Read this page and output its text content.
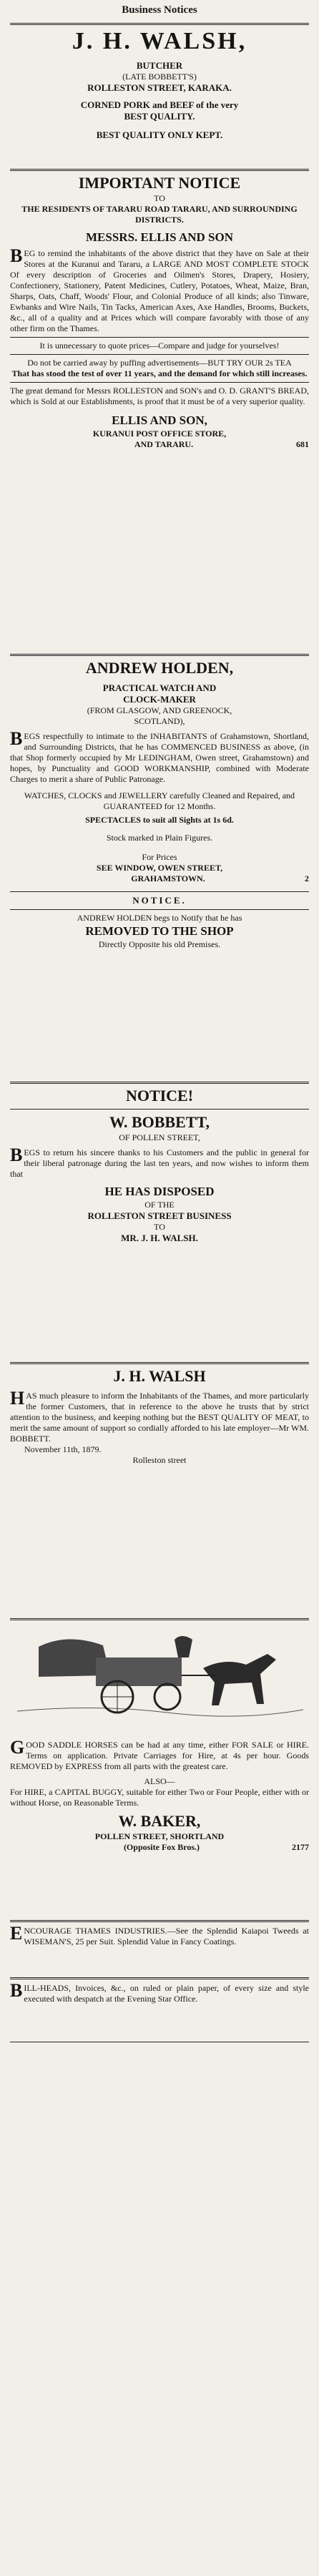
Business Notices
J. H. WALSH,
BUTCHER
(LATE BOBBETT'S)
ROLLESTON STREET, KARAKA.
CORNED PORK and BEEF of the very
BEST QUALITY.
BEST QUALITY ONLY KEPT.
IMPORTANT NOTICE
TO
THE RESIDENTS OF TARARU ROAD TARARU, AND SURROUNDING DISTRICTS.
MESSRS. ELLIS AND SON
BEG to remind the inhabitants of the above district that they have on Sale at their Stores at the Kuranui and Tararu, a LARGE AND MOST COMPLETE STOCK Of every description of Groceries and Oilmen's Stores, Drapery, Hosiery, Confectionery, Stationery, Patent Medicines, Cutlery, Potatoes, Wheat, Maize, Bran, Sharps, Oats, Chaff, Woods' Flour, and Colonial Produce of all kinds; also Tinware, Ewbanks and Wire Nails, Tin Tacks, American Axes, Axe Handles, Brooms, Buckets, &c., all of a quality and at Prices which will compare favorably with those of any other firm on the Thames.
It is unnecessary to quote prices—Compare and judge for yourselves!
Do not be carried away by puffing advertisements—BUT TRY OUR 2s TEA
That has stood the test of over 11 years, and the demand for which still increases.
The great demand for Messrs ROLLESTON and SON's and O. D. GRANT'S BREAD, which is Sold at our Establishments, is proof that it must be of a very superior quality.
ELLIS AND SON,
KURANUI POST OFFICE STORE,
AND TARARU.	681
ANDREW HOLDEN,
PRACTICAL WATCH AND
CLOCK-MAKER
(FROM GLASGOW, AND GREENOCK,
SCOTLAND),
BEGS respectfully to intimate to the INHABITANTS of Grahamstown, Shortland, and Surrounding Districts, that he has COMMENCED BUSINESS as above, (in that Shop formerly occupied by Mr LEDINGHAM, Owen street, Grahamstown) and hopes, by Punctuality and GOOD WORKMANSHIP, combined with Moderate Charges to merit a share of Public Patronage.
WATCHES, CLOCKS and JEWELLERY carefully Cleaned and Repaired, and GUARANTEED for 12 Months.
SPECTACLES to suit all Sights at 1s 6d.
Stock marked in Plain Figures.
For Prices
SEE WINDOW, OWEN STREET,
GRAHAMSTOWN.	2
NOTICE.
ANDREW HOLDEN begs to Notify that he has
REMOVED TO THE SHOP
Directly Opposite his old Premises.
NOTICE!
W. BOBBETT,
OF POLLEN STREET,
BEGS to return his sincere thanks to his Customers and the public in general for their liberal patronage during the last ten years, and now wishes to inform them that
HE HAS DISPOSED
OF THE
ROLLESTON STREET BUSINESS
TO
MR. J. H. WALSH.
J. H. WALSH
HAS much pleasure to inform the Inhabitants of the Thames, and more particularly the former Customers, that in reference to the above he trusts that by strict attention to the business, and keeping nothing but the BEST QUALITY OF MEAT, to merit the same amount of support so cordially afforded to his late employer—Mr WM. BOBBETT.
November 11th, 1879.
Rolleston street
GOOD SADDLE HORSES can be had at any time, either FOR SALE or HIRE. Terms on application. Private Carriages for Hire, at 4s per hour. Goods REMOVED by EXPRESS from all parts with the greatest care.
ALSO—
For HIRE, a CAPITAL BUGGY, suitable for either Two or Four People, either with or without Horse, on Reasonable Terms.
W. BAKER,
POLLEN STREET, SHORTLAND
(Opposite Fox Bros.)	2177
ENCOURAGE THAMES INDUSTRIES.—See the Splendid Kaiapoi Tweeds at WISEMAN'S, 25 per Suit. Splendid Value in Fancy Coatings.
BILL-HEADS, Invoices, &c., on ruled or plain paper, of every size and style executed with despatch at the Evening Star Office.
